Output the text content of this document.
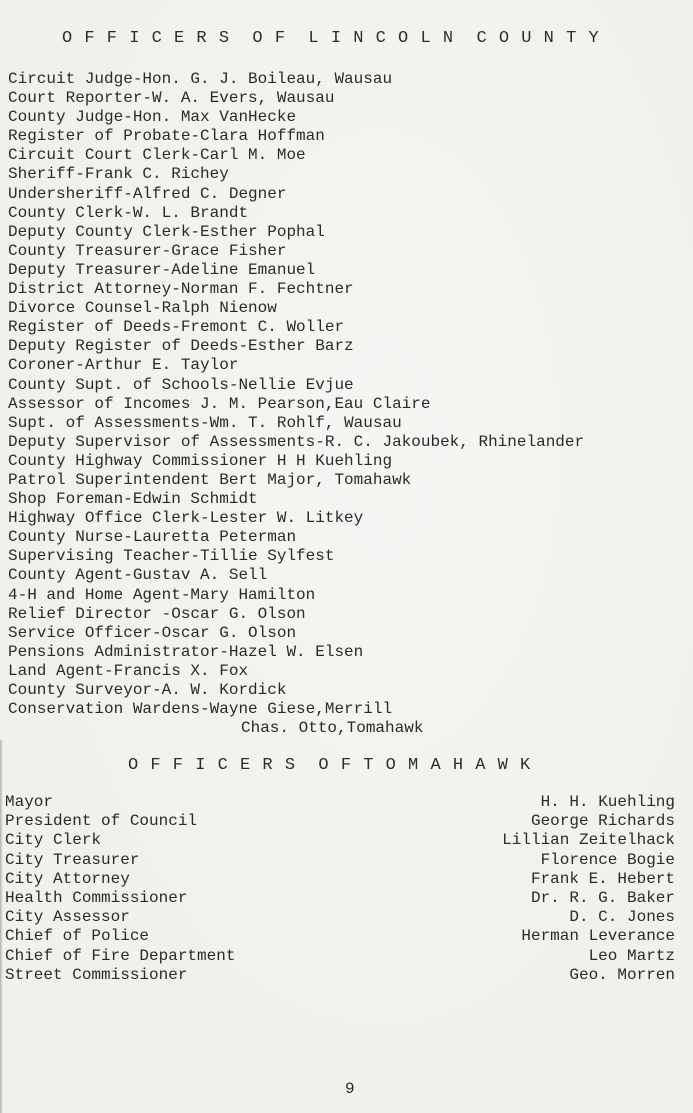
O F F I C E R S  O F  L I N C O L N  C O U N T Y
Circuit Judge-Hon. G. J. Boileau, Wausau
Court Reporter-W. A. Evers, Wausau
County Judge-Hon. Max VanHecke
Register of Probate-Clara Hoffman
Circuit Court Clerk-Carl M. Moe
Sheriff-Frank C. Richey
Undersheriff-Alfred C. Degner
County Clerk-W. L. Brandt
Deputy County Clerk-Esther Pophal
County Treasurer-Grace Fisher
Deputy Treasurer-Adeline Emanuel
District Attorney-Norman F. Fechtner
Divorce Counsel-Ralph Nienow
Register of Deeds-Fremont C. Woller
Deputy Register of Deeds-Esther Barz
Coroner-Arthur E. Taylor
County Supt. of Schools-Nellie Evjue
Assessor of Incomes J. M. Pearson,Eau Claire
Supt. of Assessments-Wm. T. Rohlf, Wausau
Deputy Supervisor of Assessments-R. C. Jakoubek, Rhinelander
County Highway Commissioner H H Kuehling
Patrol Superintendent Bert Major, Tomahawk
Shop Foreman-Edwin Schmidt
Highway Office Clerk-Lester W. Litkey
County Nurse-Lauretta Peterman
Supervising Teacher-Tillie Sylfest
County Agent-Gustav A. Sell
4-H and Home Agent-Mary Hamilton
Relief Director -Oscar G. Olson
Service Officer-Oscar G. Olson
Pensions Administrator-Hazel W. Elsen
Land Agent-Francis X. Fox
County Surveyor-A. W. Kordick
Conservation Wardens-Wayne Giese,Merrill
Chas. Otto,Tomahawk
O F F I C E R S  O F T O M A H A W K
Mayor	H. H. Kuehling
President of Council	George Richards
City Clerk	Lillian Zeitelhack
City Treasurer	Florence Bogie
City Attorney	Frank E. Hebert
Health Commissioner	Dr. R. G. Baker
City Assessor	D. C. Jones
Chief of Police	Herman Leverance
Chief of Fire Department	Leo Martz
Street Commissioner	Geo. Morren
9
